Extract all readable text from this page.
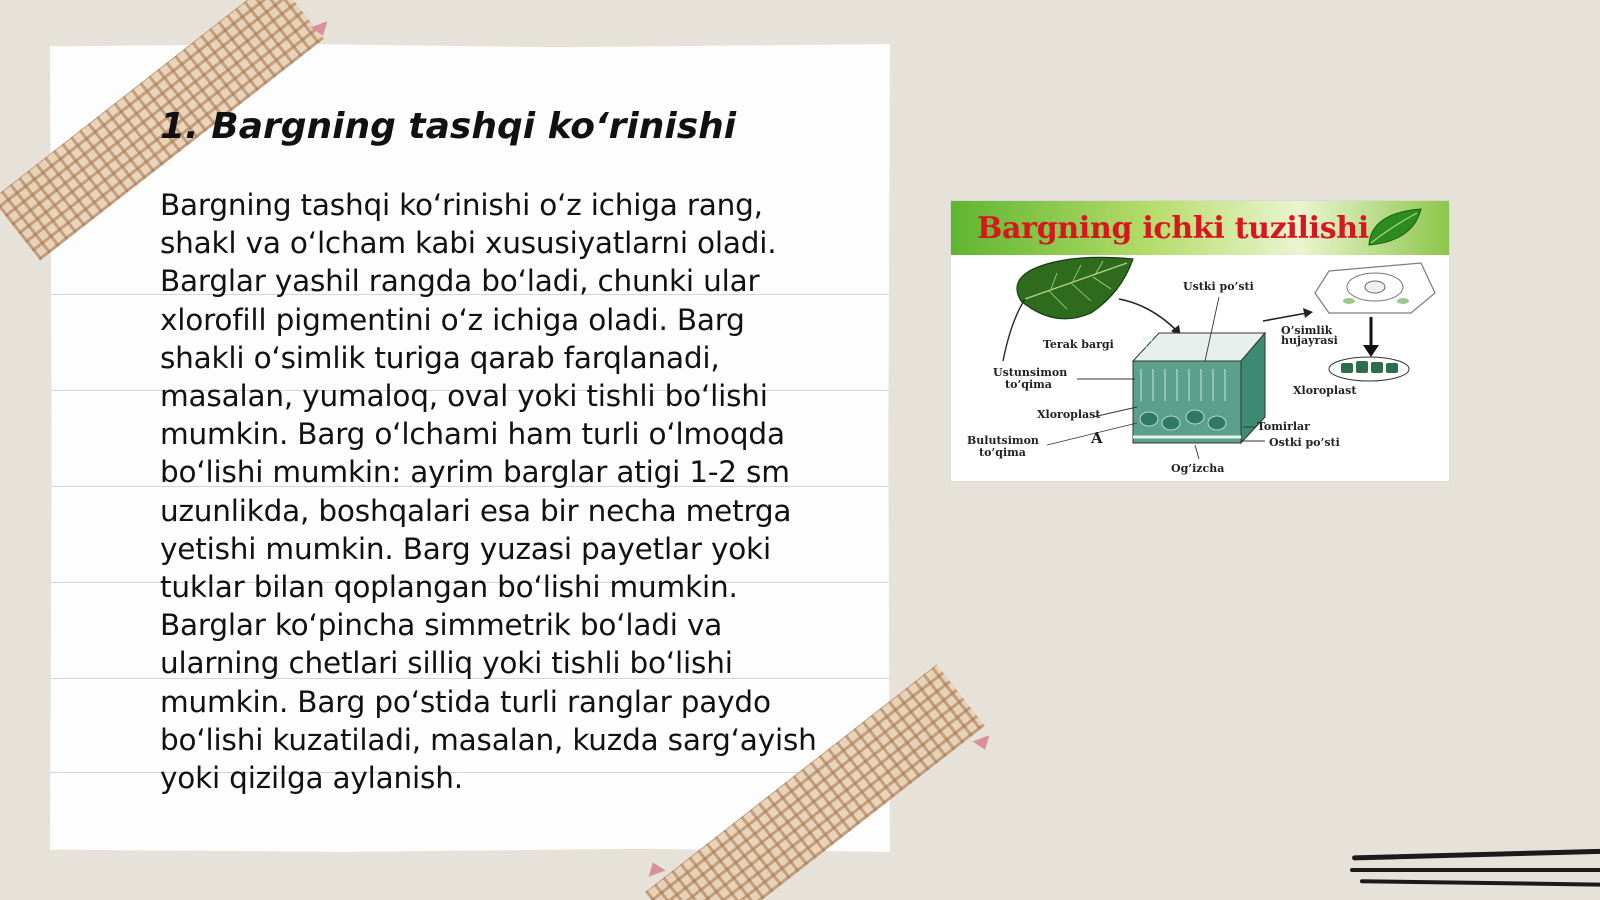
1. Bargning tashqi ko‘rinishi

Bargning tashqi ko‘rinishi o‘z ichiga rang, shakl va o‘lcham kabi xususiyatlarni oladi. Barglar yashil rangda bo‘ladi, chunki ular xlorofill pigmentini o‘z ichiga oladi. Barg shakli o‘simlik turiga qarab farqlanadi, masalan, yumaloq, oval yoki tishli bo‘lishi mumkin. Barg o‘lchami ham turli o‘lmoqda bo‘lishi mumkin: ayrim barglar atigi 1-2 sm uzunlikda, boshqalari esa bir necha metrga yetishi mumkin. Barg yuzasi payetlar yoki tuklar bilan qoplangan bo‘lishi mumkin. Barglar ko‘pincha simmetrik bo‘ladi va ularning chetlari silliq yoki tishli bo‘lishi mumkin. Barg po‘stida turli ranglar paydo bo‘lishi kuzatiladi, masalan, kuzda sarg‘ayish yoki qizilga aylanish.

Bargning ichki tuzilishi
Ustki po’sti
Terak bargi
O’simlik
hujayrasi
Ustunsimon
to’qima	Xloroplast
Xloroplast
Tomirlar
Bulutsimon
to’qima
A	Ostki po’sti
Og’izcha
